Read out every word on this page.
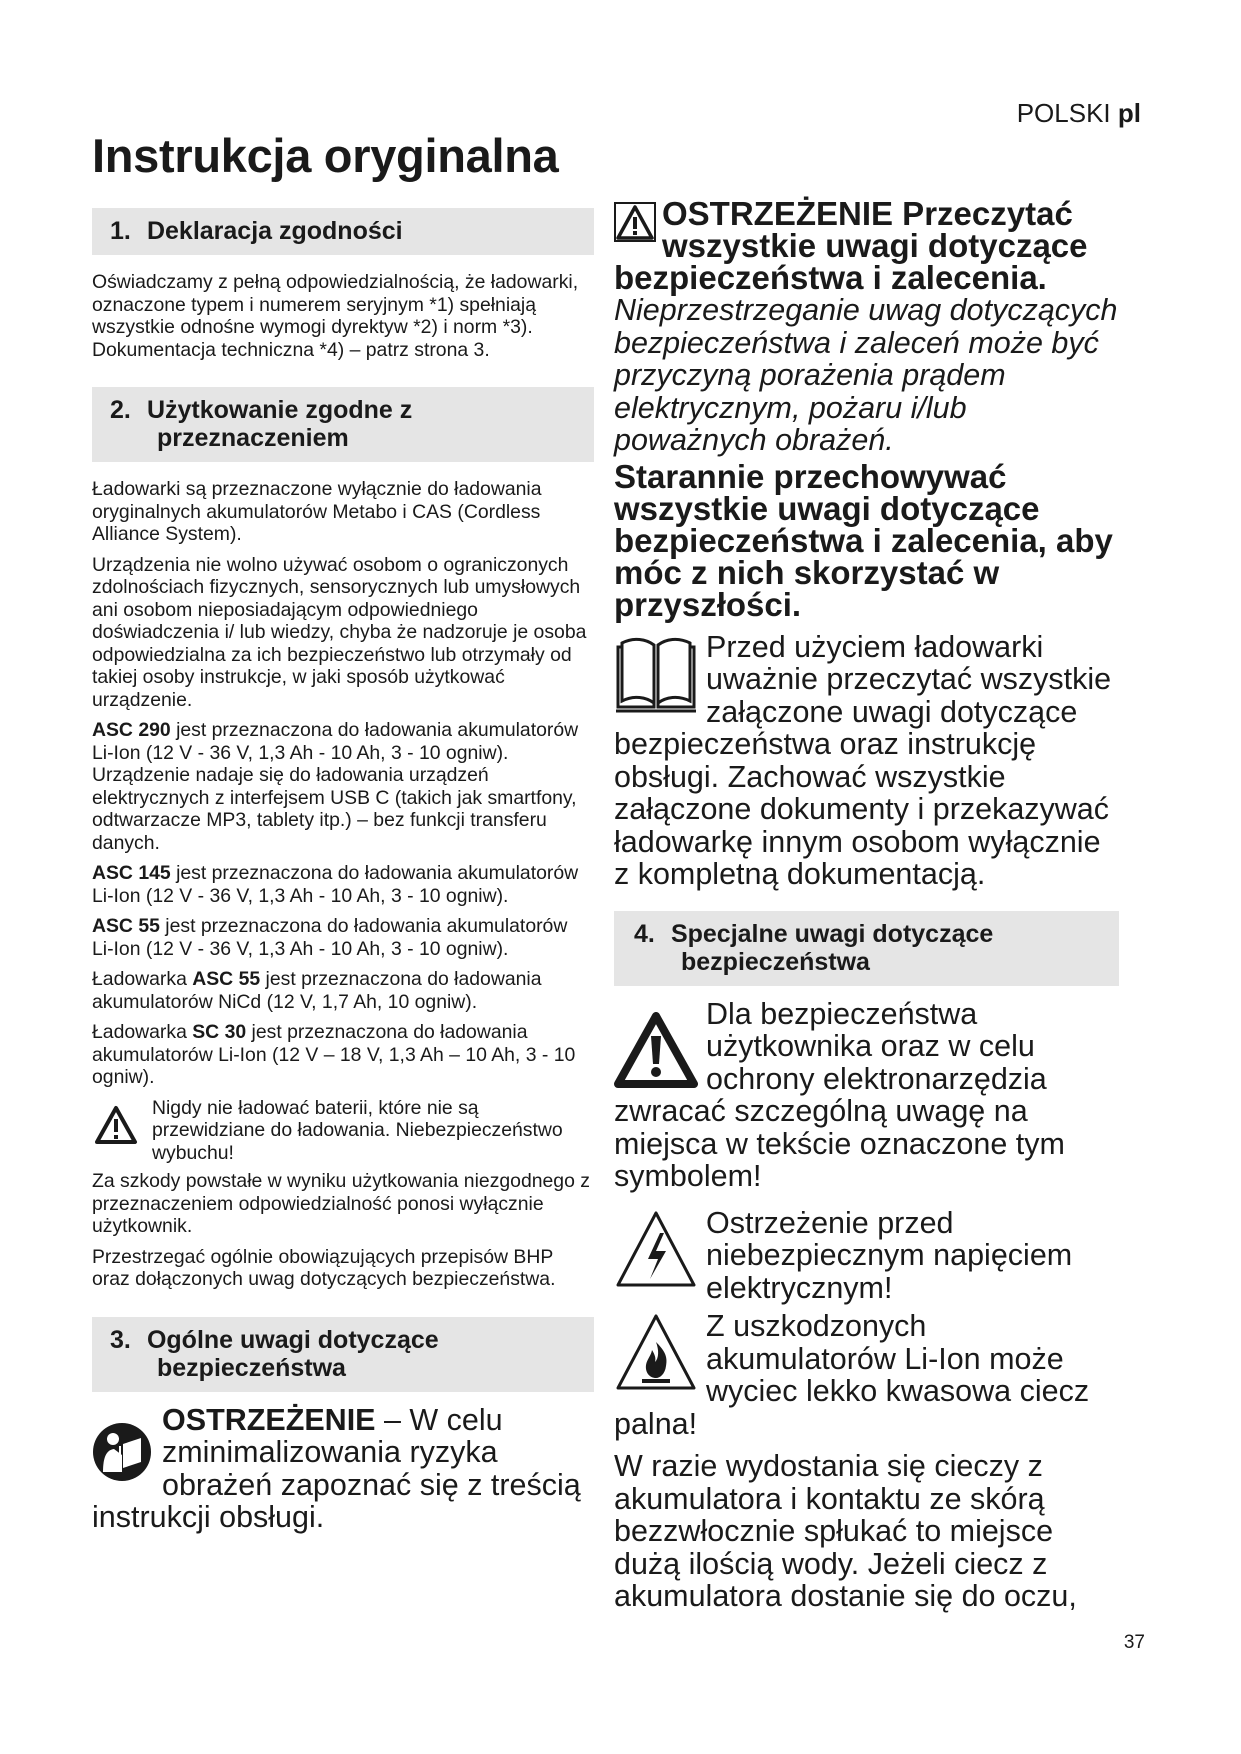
POLSKI pl
Instrukcja oryginalna
1. Deklaracja zgodności

Oświadczamy z pełną odpowiedzialnością, że ładowarki, oznaczone typem i numerem seryjnym *1) spełniają wszystkie odnośne wymogi dyrektyw *2) i norm *3). Dokumentacja techniczna *4) – patrz strona 3.

2. Użytkowanie zgodne z
przeznaczeniem

Ładowarki są przeznaczone wyłącznie do ładowania oryginalnych akumulatorów Metabo i CAS (Cordless Alliance System).

Urządzenia nie wolno używać osobom o ograniczonych zdolnościach fizycznych, sensorycznych lub umysłowych ani osobom nieposiadającym odpowiedniego doświadczenia i/ lub wiedzy, chyba że nadzoruje je osoba odpowiedzialna za ich bezpieczeństwo lub otrzymały od takiej osoby instrukcje, w jaki sposób użytkować urządzenie.

ASC 290 jest przeznaczona do ładowania akumulatorów Li-Ion (12 V - 36 V, 1,3 Ah - 10 Ah, 3 - 10 ogniw). Urządzenie nadaje się do ładowania urządzeń elektrycznych z interfejsem USB C (takich jak smartfony, odtwarzacze MP3, tablety itp.) – bez funkcji transferu danych.

ASC 145 jest przeznaczona do ładowania akumulatorów Li-Ion (12 V - 36 V, 1,3 Ah - 10 Ah, 3 - 10 ogniw).

ASC 55 jest przeznaczona do ładowania akumulatorów Li-Ion (12 V - 36 V, 1,3 Ah - 10 Ah, 3 - 10 ogniw).

Ładowarka ASC 55 jest przeznaczona do ładowania akumulatorów NiCd (12 V, 1,7 Ah, 10 ogniw).

Ładowarka SC 30 jest przeznaczona do ładowania akumulatorów Li-Ion (12 V – 18 V, 1,3 Ah – 10 Ah, 3 - 10 ogniw).

Nigdy nie ładować baterii, które nie są przewidziane do ładowania. Niebezpieczeństwo wybuchu!

Za szkody powstałe w wyniku użytkowania niezgodnego z przeznaczeniem odpowiedzialność ponosi wyłącznie użytkownik.

Przestrzegać ogólnie obowiązujących przepisów BHP oraz dołączonych uwag dotyczących bezpieczeństwa.

3. Ogólne uwagi dotyczące
bezpieczeństwa
OSTRZEŻENIE – W celu zminimalizowania ryzyka obrażeń zapoznać się z treścią instrukcji obsługi.
OSTRZEŻENIE Przeczytać wszystkie uwagi dotyczące bezpieczeństwa i zalecenia.
Nieprzestrzeganie uwag dotyczących bezpieczeństwa i zaleceń może być przyczyną porażenia prądem elektrycznym, pożaru i/lub poważnych obrażeń.
Starannie przechowywać wszystkie uwagi dotyczące bezpieczeństwa i zalecenia, aby móc z nich skorzystać w przyszłości.
Przed użyciem ładowarki uważnie przeczytać wszystkie załączone uwagi dotyczące bezpieczeństwa oraz instrukcję obsługi. Zachować wszystkie załączone dokumenty i przekazywać ładowarkę innym osobom wyłącznie z kompletną dokumentacją.
4. Specjalne uwagi dotyczące
bezpieczeństwa
Dla bezpieczeństwa użytkownika oraz w celu ochrony elektronarzędzia zwracać szczególną uwagę na miejsca w tekście oznaczone tym symbolem!
Ostrzeżenie przed niebezpiecznym napięciem elektrycznym!
Z uszkodzonych akumulatorów Li-Ion może wyciec lekko kwasowa ciecz palna!
W razie wydostania się cieczy z akumulatora i kontaktu ze skórą bezzwłocznie spłukać to miejsce dużą ilością wody. Jeżeli ciecz z akumulatora dostanie się do oczu,
37
